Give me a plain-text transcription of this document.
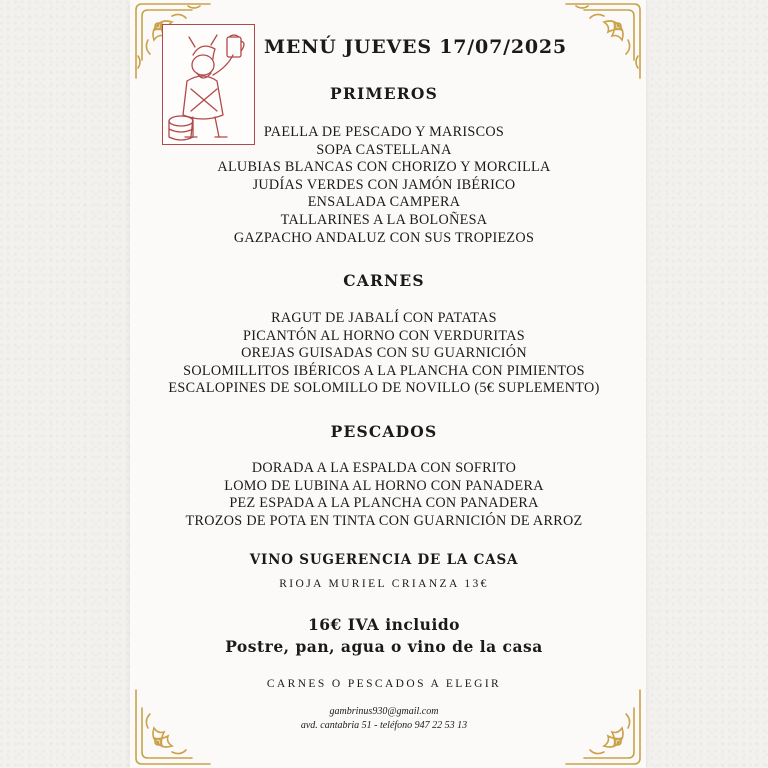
MENÚ JUEVES 17/07/2025
PRIMEROS
PAELLA DE PESCADO Y MARISCOS
SOPA CASTELLANA
ALUBIAS BLANCAS CON CHORIZO Y MORCILLA
JUDÍAS VERDES CON JAMÓN IBÉRICO
ENSALADA CAMPERA
TALLARINES A LA BOLOÑESA
GAZPACHO ANDALUZ CON SUS TROPIEZOS
CARNES
RAGUT DE JABALÍ CON PATATAS
PICANTÓN AL HORNO CON VERDURITAS
OREJAS GUISADAS CON SU GUARNICIÓN
SOLOMILLITOS IBÉRICOS A LA PLANCHA CON PIMIENTOS
ESCALOPINES DE SOLOMILLO DE NOVILLO (5€ SUPLEMENTO)
PESCADOS
DORADA A LA ESPALDA CON SOFRITO
LOMO DE LUBINA AL HORNO CON PANADERA
PEZ ESPADA A LA PLANCHA CON PANADERA
TROZOS DE POTA EN TINTA CON GUARNICIÓN DE ARROZ
VINO SUGERENCIA DE LA CASA
RIOJA MURIEL CRIANZA 13€
16€ IVA incluido
Postre, pan, agua o vino de la casa
CARNES O PESCADOS A ELEGIR
gambrinus930@gmail.com
avd. cantabria 51 - teléfono 947 22 53 13
